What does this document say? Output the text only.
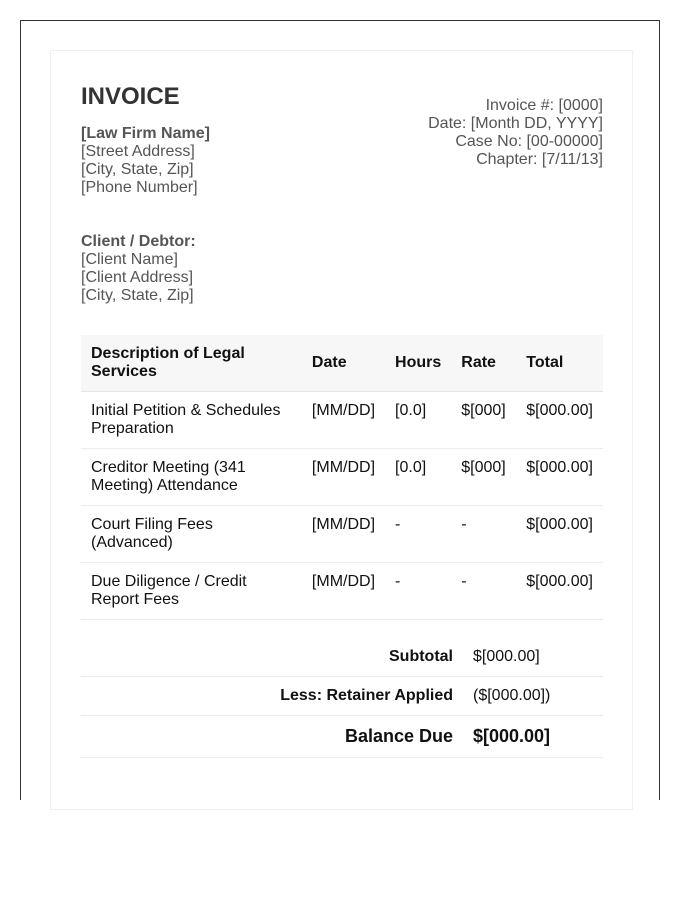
INVOICE
[Law Firm Name]
[Street Address]
[City, State, Zip]
[Phone Number]
Invoice #: [0000]
Date: [Month DD, YYYY]
Case No: [00-00000]
Chapter: [7/11/13]
Client / Debtor:
[Client Name]
[Client Address]
[City, State, Zip]
Description of Legal Services	Date	Hours	Rate	Total
Initial Petition & Schedules Preparation	[MM/DD]	[0.0]	$[000]	$[000.00]
Creditor Meeting (341 Meeting) Attendance	[MM/DD]	[0.0]	$[000]	$[000.00]
Court Filing Fees (Advanced)	[MM/DD]	-	-	$[000.00]
Due Diligence / Credit Report Fees	[MM/DD]	-	-	$[000.00]
Subtotal	$[000.00]
Less: Retainer Applied	($[000.00])
Balance Due	$[000.00]
